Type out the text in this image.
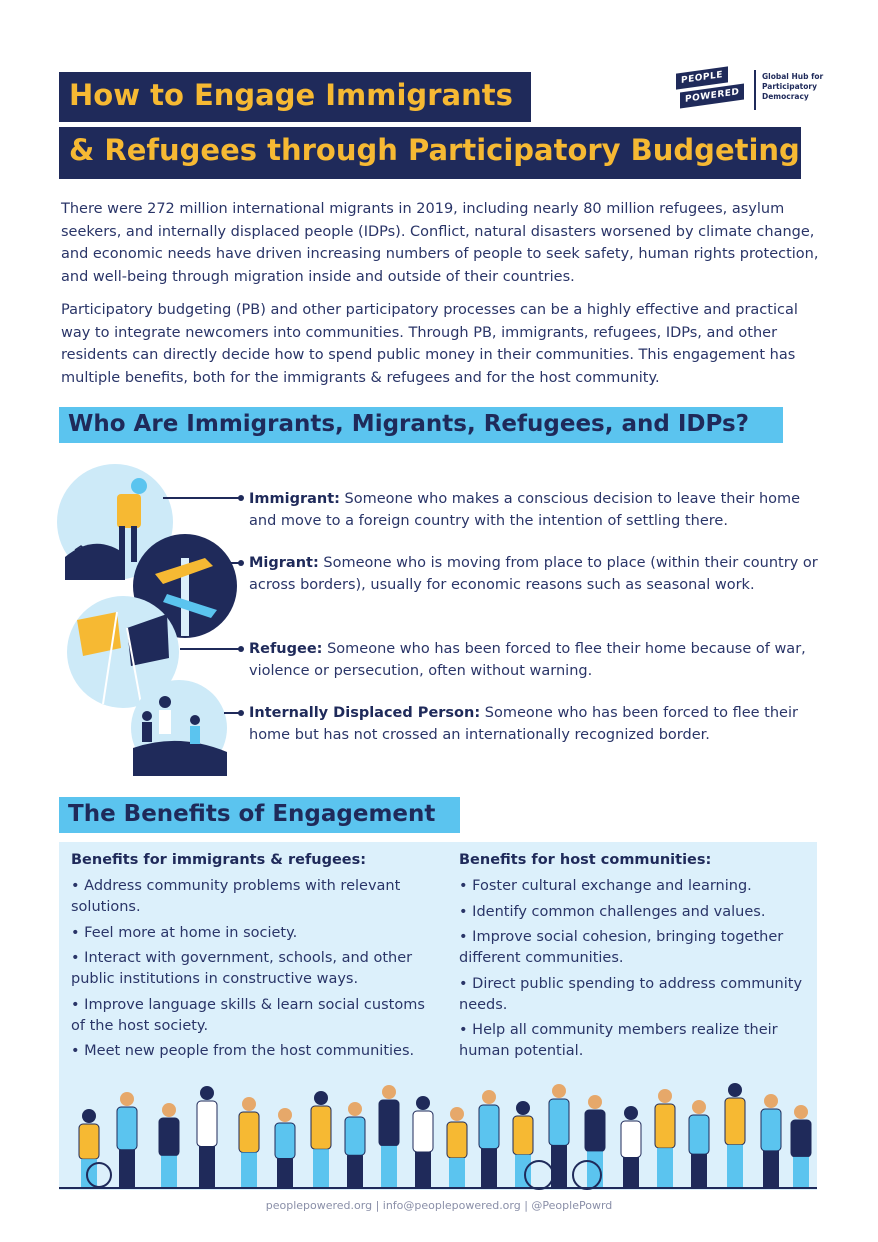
How to Engage Immigrants
& Refugees through Participatory Budgeting
PEOPLE
POWERED
Global Hub for
Participatory
Democracy

There were 272 million international migrants in 2019, including nearly 80 million refugees, asylum seekers, and internally displaced people (IDPs). Conflict, natural disasters worsened by climate change, and economic needs have driven increasing numbers of people to seek safety, human rights protection, and well-being through migration inside and outside of their countries.

Participatory budgeting (PB) and other participatory processes can be a highly effective and practical way to integrate newcomers into communities. Through PB, immigrants, refugees, IDPs, and other residents can directly decide how to spend public money in their communities. This engagement has multiple benefits, both for the immigrants & refugees and for the host community.

Who Are Immigrants, Migrants, Refugees, and IDPs?

Immigrant: Someone who makes a conscious decision to leave their home and move to a foreign country with the intention of settling there.

Migrant: Someone who is moving from place to place (within their country or across borders), usually for economic reasons such as seasonal work.

Refugee: Someone who has been forced to flee their home because of war, violence or persecution, often without warning.

Internally Displaced Person: Someone who has been forced to flee their home but has not crossed an internationally recognized border.

The Benefits of Engagement
Benefits for immigrants & refugees:
• Address community problems with relevant solutions.
• Feel more at home in society.
• Interact with government, schools, and other public institutions in constructive ways.
• Improve language skills & learn social customs of the host society.
• Meet new people from the host communities.
Benefits for host communities:
• Foster cultural exchange and learning.
• Identify common challenges and values.
• Improve social cohesion, bringing together different communities.
• Direct public spending to address community needs.
• Help all community members realize their human potential.
peoplepowered.org | info@peoplepowered.org | @PeoplePowrd
